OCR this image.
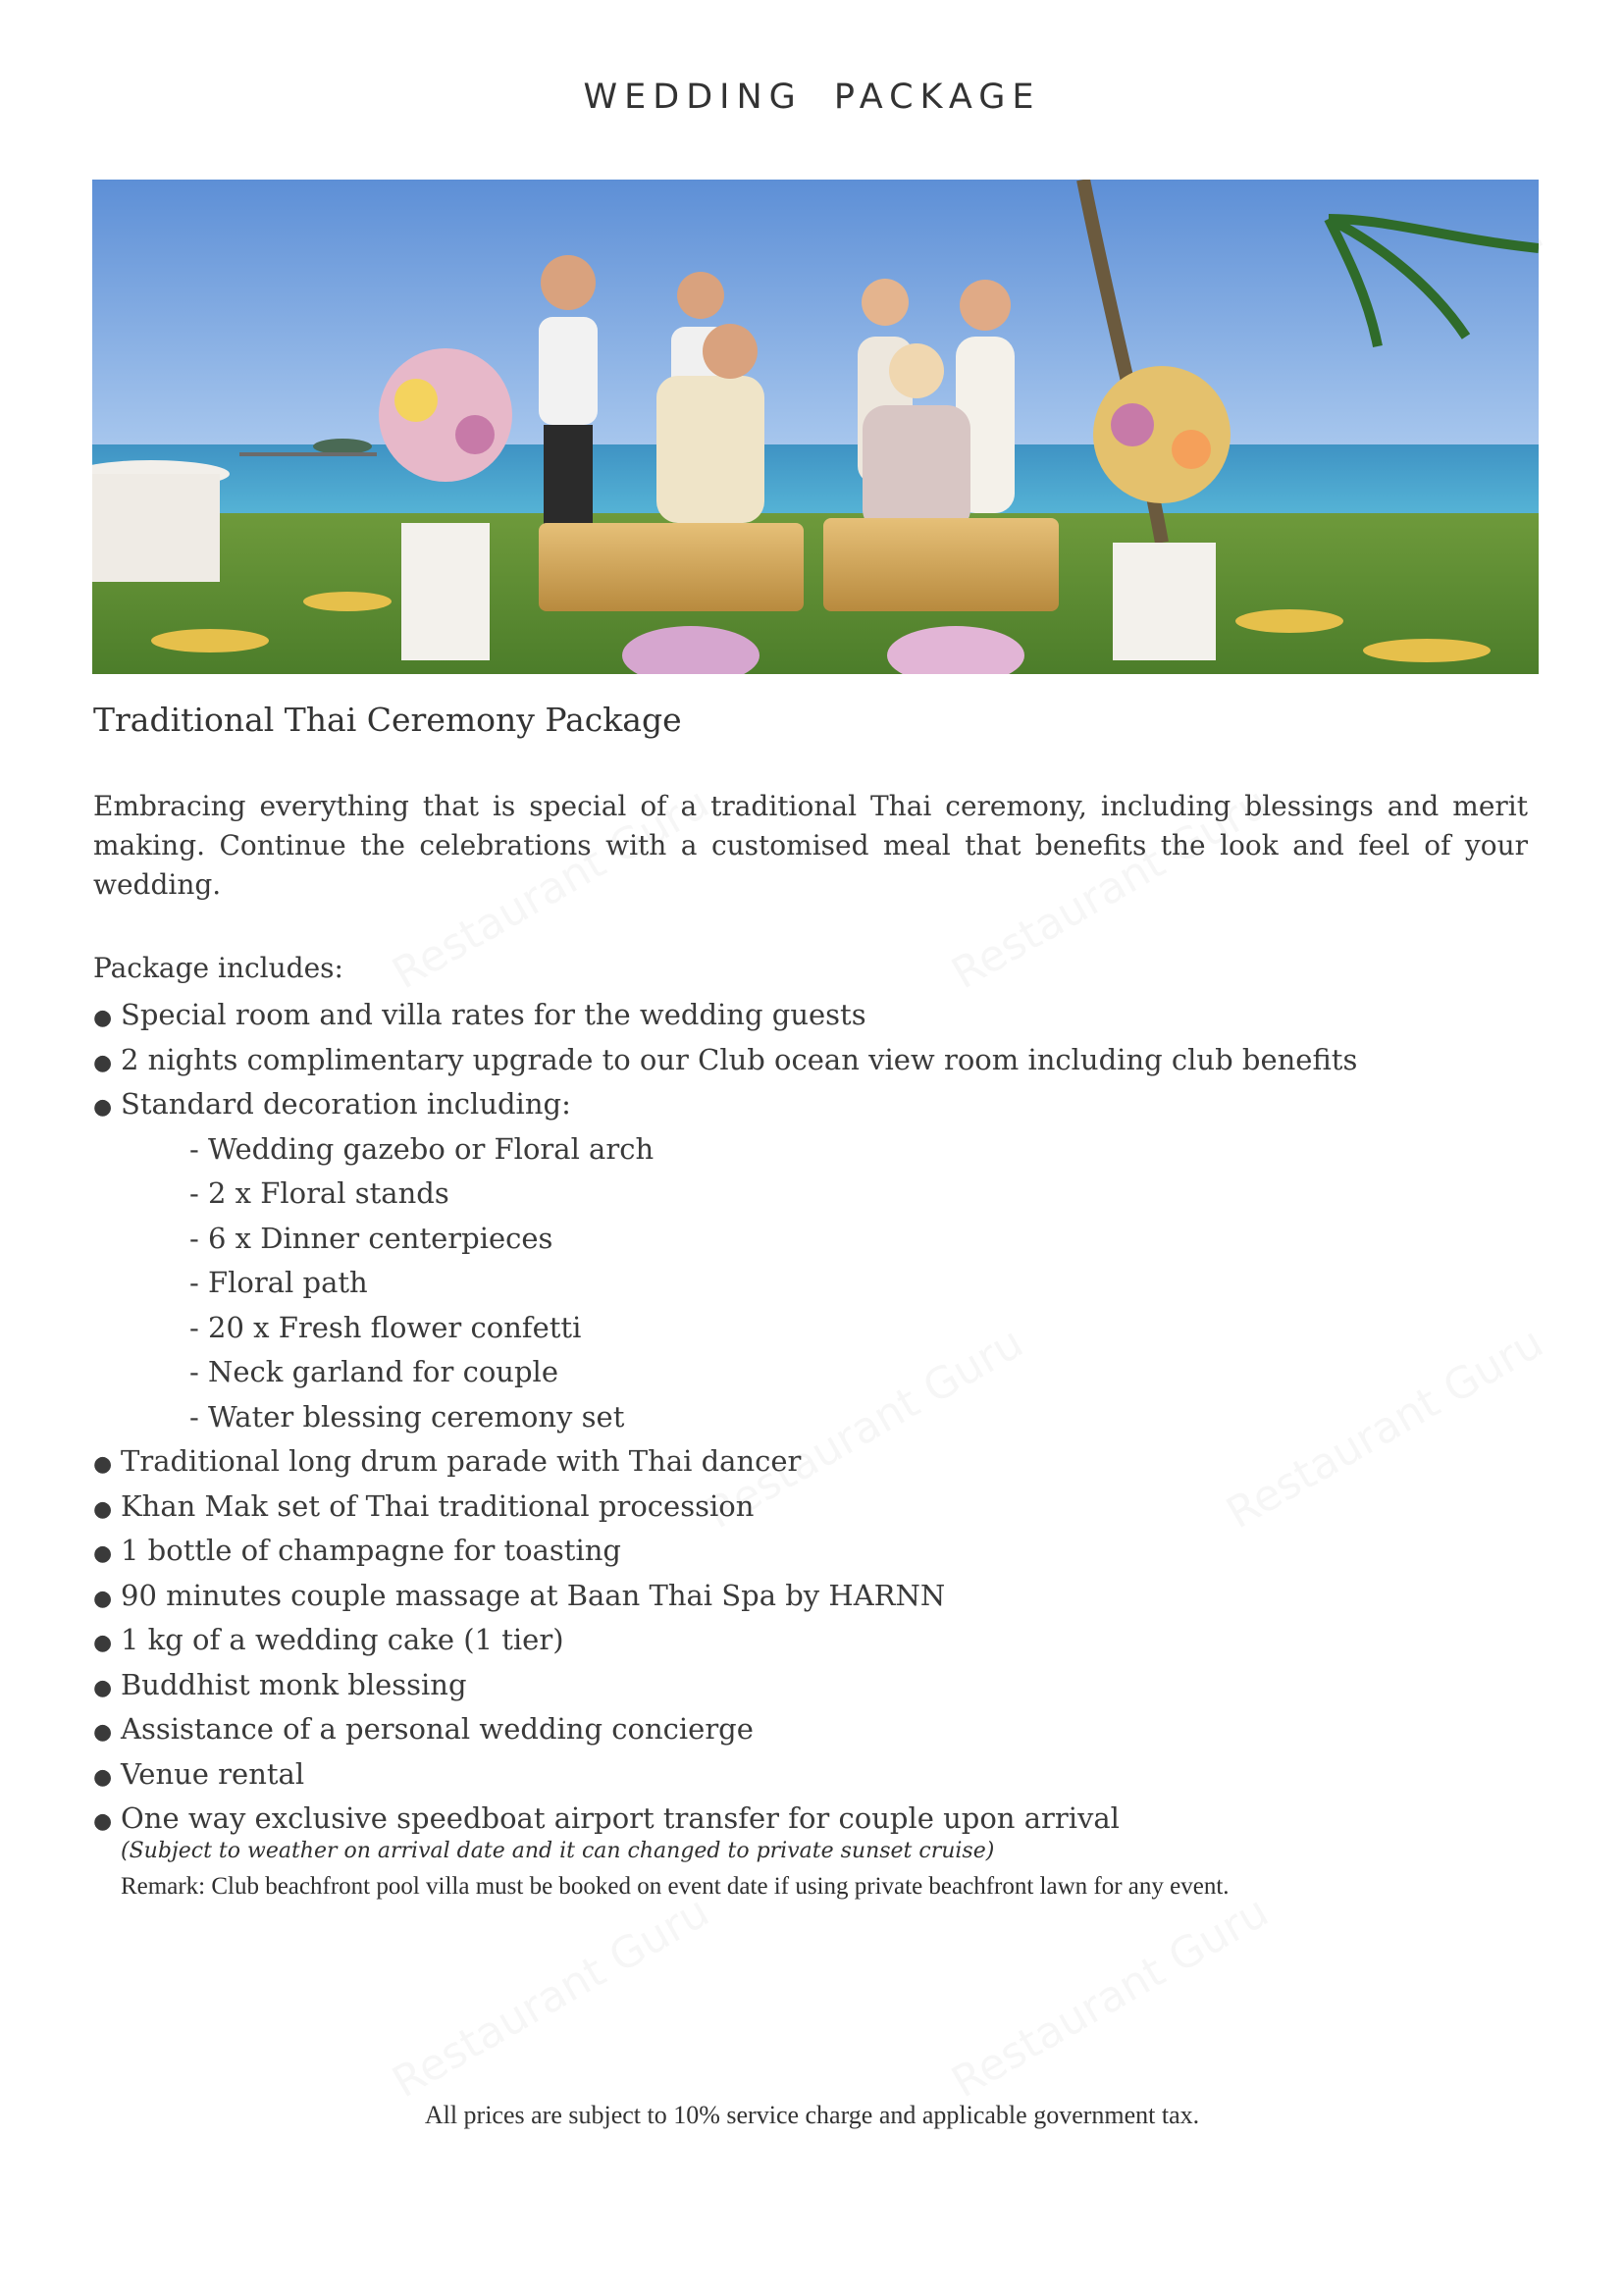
WEDDING PACKAGE
Traditional Thai Ceremony Package

Embracing everything that is special of a traditional Thai ceremony, including blessings and merit making. Continue the celebrations with a customised meal that benefits the look and feel of your wedding.

Package includes:
● Special room and villa rates for the wedding guests
● 2 nights complimentary upgrade to our Club ocean view room including club benefits
● Standard decoration including:
- Wedding gazebo or Floral arch
- 2 x Floral stands
- 6 x Dinner centerpieces
- Floral path
- 20 x Fresh flower confetti
- Neck garland for couple
- Water blessing ceremony set
● Traditional long drum parade with Thai dancer
● Khan Mak set of Thai traditional procession
● 1 bottle of champagne for toasting
● 90 minutes couple massage at Baan Thai Spa by HARNN
● 1 kg of a wedding cake (1 tier)
● Buddhist monk blessing
● Assistance of a personal wedding concierge
● Venue rental
● One way exclusive speedboat airport transfer for couple upon arrival
(Subject to weather on arrival date and it can changed to private sunset cruise)
Remark: Club beachfront pool villa must be booked on event date if using private beachfront lawn for any event.
All prices are subject to 10% service charge and applicable government tax.
